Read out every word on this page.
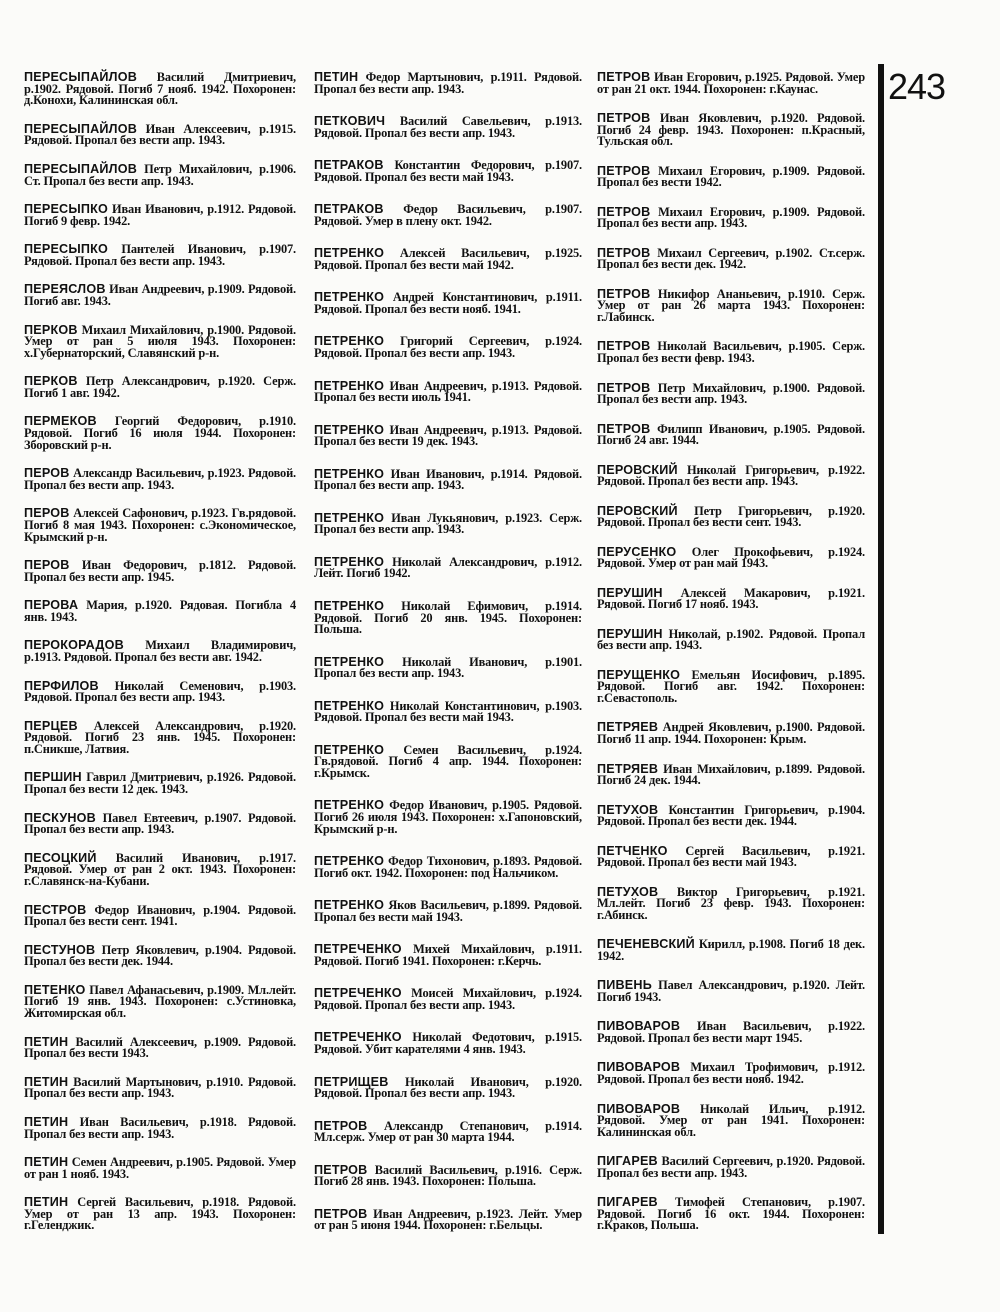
ПЕРЕСЫПАЙЛОВ Василий Дмитриевич, р.1902. Рядовой. Погиб 7 нояб. 1942. Похоронен: д.Конохи, Калининская обл.
ПЕРЕСЫПАЙЛОВ Иван Алексеевич, р.1915. Рядовой. Пропал без вести апр. 1943.
ПЕРЕСЫПАЙЛОВ Петр Михайлович, р.1906. Ст. Пропал без вести апр. 1943.
ПЕРЕСЫПКО Иван Иванович, р.1912. Рядовой. Погиб 9 февр. 1942.
ПЕРЕСЫПКО Пантелей Иванович, р.1907. Рядовой. Пропал без вести апр. 1943.
ПЕРЕЯСЛОВ Иван Андреевич, р.1909. Рядовой. Погиб авг. 1943.
ПЕРКОВ Михаил Михайлович, р.1900. Рядовой. Умер от ран 5 июля 1943. Похоронен: х.Губернаторский, Славянский р-н.
ПЕРКОВ Петр Александрович, р.1920. Серж. Погиб 1 авг. 1942.
ПЕРМЕКОВ Георгий Федорович, р.1910. Рядовой. Погиб 16 июля 1944. Похоронен: Зборовский р-н.
ПЕРОВ Александр Васильевич, р.1923. Рядовой. Пропал без вести апр. 1943.
ПЕРОВ Алексей Сафонович, р.1923. Гв.рядовой. Погиб 8 мая 1943. Похоронен: с.Экономическое, Крымский р-н.
ПЕРОВ Иван Федорович, р.1812. Рядовой. Пропал без вести апр. 1945.
ПЕРОВА Мария, р.1920. Рядовая. Погибла 4 янв. 1943.
ПЕРОКОРАДОВ Михаил Владимирович, р.1913. Рядовой. Пропал без вести авг. 1942.
ПЕРФИЛОВ Николай Семенович, р.1903. Рядовой. Пропал без вести апр. 1943.
ПЕРЦЕВ Алексей Александрович, р.1920. Рядовой. Погиб 23 янв. 1945. Похоронен: п.Сникше, Латвия.
ПЕРШИН Гаврил Дмитриевич, р.1926. Рядовой. Пропал без вести 12 дек. 1943.
ПЕСКУНОВ Павел Евтеевич, р.1907. Рядовой. Пропал без вести апр. 1943.
ПЕСОЦКИЙ Василий Иванович, р.1917. Рядовой. Умер от ран 2 окт. 1943. Похоронен: г.Славянск-на-Кубани.
ПЕСТРОВ Федор Иванович, р.1904. Рядовой. Пропал без вести сент. 1941.
ПЕСТУНОВ Петр Яковлевич, р.1904. Рядовой. Пропал без вести дек. 1944.
ПЕТЕНКО Павел Афанасьевич, р.1909. Мл.лейт. Погиб 19 янв. 1943. Похоронен: с.Устиновка, Житомирская обл.
ПЕТИН Василий Алексеевич, р.1909. Рядовой. Пропал без вести 1943.
ПЕТИН Василий Мартынович, р.1910. Рядовой. Пропал без вести апр. 1943.
ПЕТИН Иван Васильевич, р.1918. Рядовой. Пропал без вести апр. 1943.
ПЕТИН Семен Андреевич, р.1905. Рядовой. Умер от ран 1 нояб. 1943.
ПЕТИН Сергей Васильевич, р.1918. Рядовой. Умер от ран 13 апр. 1943. Похоронен: г.Геленджик.
ПЕТИН Федор Мартынович, р.1911. Рядовой. Пропал без вести апр. 1943.
ПЕТКОВИЧ Василий Савельевич, р.1913. Рядовой. Пропал без вести апр. 1943.
ПЕТРАКОВ Константин Федорович, р.1907. Рядовой. Пропал без вести май 1943.
ПЕТРАКОВ Федор Васильевич, р.1907. Рядовой. Умер в плену окт. 1942.
ПЕТРЕНКО Алексей Васильевич, р.1925. Рядовой. Пропал без вести май 1942.
ПЕТРЕНКО Андрей Константинович, р.1911. Рядовой. Пропал без вести нояб. 1941.
ПЕТРЕНКО Григорий Сергеевич, р.1924. Рядовой. Пропал без вести апр. 1943.
ПЕТРЕНКО Иван Андреевич, р.1913. Рядовой. Пропал без вести июль 1941.
ПЕТРЕНКО Иван Андреевич, р.1913. Рядовой. Пропал без вести 19 дек. 1943.
ПЕТРЕНКО Иван Иванович, р.1914. Рядовой. Пропал без вести апр. 1943.
ПЕТРЕНКО Иван Лукьянович, р.1923. Серж. Пропал без вести апр. 1943.
ПЕТРЕНКО Николай Александрович, р.1912. Лейт. Погиб 1942.
ПЕТРЕНКО Николай Ефимович, р.1914. Рядовой. Погиб 20 янв. 1945. Похоронен: Польша.
ПЕТРЕНКО Николай Иванович, р.1901. Пропал без вести апр. 1943.
ПЕТРЕНКО Николай Константинович, р.1903. Рядовой. Пропал без вести май 1943.
ПЕТРЕНКО Семен Васильевич, р.1924. Гв.рядовой. Погиб 4 апр. 1944. Похоронен: г.Крымск.
ПЕТРЕНКО Федор Иванович, р.1905. Рядовой. Погиб 26 июля 1943. Похоронен: х.Гапоновский, Крымский р-н.
ПЕТРЕНКО Федор Тихонович, р.1893. Рядовой. Погиб окт. 1942. Похоронен: под Нальчиком.
ПЕТРЕНКО Яков Васильевич, р.1899. Рядовой. Пропал без вести май 1943.
ПЕТРЕЧЕНКО Михей Михайлович, р.1911. Рядовой. Погиб 1941. Похоронен: г.Керчь.
ПЕТРЕЧЕНКО Моисей Михайлович, р.1924. Рядовой. Пропал без вести апр. 1943.
ПЕТРЕЧЕНКО Николай Федотович, р.1915. Рядовой. Убит карателями 4 янв. 1943.
ПЕТРИЩЕВ Николай Иванович, р.1920. Рядовой. Пропал без вести апр. 1943.
ПЕТРОВ Александр Степанович, р.1914. Мл.серж. Умер от ран 30 марта 1944.
ПЕТРОВ Василий Васильевич, р.1916. Серж. Погиб 28 янв. 1943. Похоронен: Польша.
ПЕТРОВ Иван Андреевич, р.1923. Лейт. Умер от ран 5 июня 1944. Похоронен: г.Бельцы.
ПЕТРОВ Иван Егорович, р.1925. Рядовой. Умер от ран 21 окт. 1944. Похоронен: г.Каунас.
ПЕТРОВ Иван Яковлевич, р.1920. Рядовой. Погиб 24 февр. 1943. Похоронен: п.Красный, Тульская обл.
ПЕТРОВ Михаил Егорович, р.1909. Рядовой. Пропал без вести 1942.
ПЕТРОВ Михаил Егорович, р.1909. Рядовой. Пропал без вести апр. 1943.
ПЕТРОВ Михаил Сергеевич, р.1902. Ст.серж. Пропал без вести дек. 1942.
ПЕТРОВ Никифор Ананьевич, р.1910. Серж. Умер от ран 26 марта 1943. Похоронен: г.Лабинск.
ПЕТРОВ Николай Васильевич, р.1905. Серж. Пропал без вести февр. 1943.
ПЕТРОВ Петр Михайлович, р.1900. Рядовой. Пропал без вести апр. 1943.
ПЕТРОВ Филипп Иванович, р.1905. Рядовой. Погиб 24 авг. 1944.
ПЕРОВСКИЙ Николай Григорьевич, р.1922. Рядовой. Пропал без вести апр. 1943.
ПЕРОВСКИЙ Петр Григорьевич, р.1920. Рядовой. Пропал без вести сент. 1943.
ПЕРУСЕНКО Олег Прокофьевич, р.1924. Рядовой. Умер от ран май 1943.
ПЕРУШИН Алексей Макарович, р.1921. Рядовой. Погиб 17 нояб. 1943.
ПЕРУШИН Николай, р.1902. Рядовой. Пропал без вести апр. 1943.
ПЕРУЩЕНКО Емельян Иосифович, р.1895. Рядовой. Погиб авг. 1942. Похоронен: г.Севастополь.
ПЕТРЯЕВ Андрей Яковлевич, р.1900. Рядовой. Погиб 11 апр. 1944. Похоронен: Крым.
ПЕТРЯЕВ Иван Михайлович, р.1899. Рядовой. Погиб 24 дек. 1944.
ПЕТУХОВ Константин Григорьевич, р.1904. Рядовой. Пропал без вести дек. 1944.
ПЕТЧЕНКО Сергей Васильевич, р.1921. Рядовой. Пропал без вести май 1943.
ПЕТУХОВ Виктор Григорьевич, р.1921. Мл.лейт. Погиб 23 февр. 1943. Похоронен: г.Абинск.
ПЕЧЕНЕВСКИЙ Кирилл, р.1908. Погиб 18 дек. 1942.
ПИВЕНЬ Павел Александрович, р.1920. Лейт. Погиб 1943.
ПИВОВАРОВ Иван Васильевич, р.1922. Рядовой. Пропал без вести март 1945.
ПИВОВАРОВ Михаил Трофимович, р.1912. Рядовой. Пропал без вести нояб. 1942.
ПИВОВАРОВ Николай Ильич, р.1912. Рядовой. Умер от ран 1941. Похоронен: Калининская обл.
ПИГАРЕВ Василий Сергеевич, р.1920. Рядовой. Пропал без вести апр. 1943.
ПИГАРЕВ Тимофей Степанович, р.1907. Рядовой. Погиб 16 окт. 1944. Похоронен: г.Краков, Польша.
243
